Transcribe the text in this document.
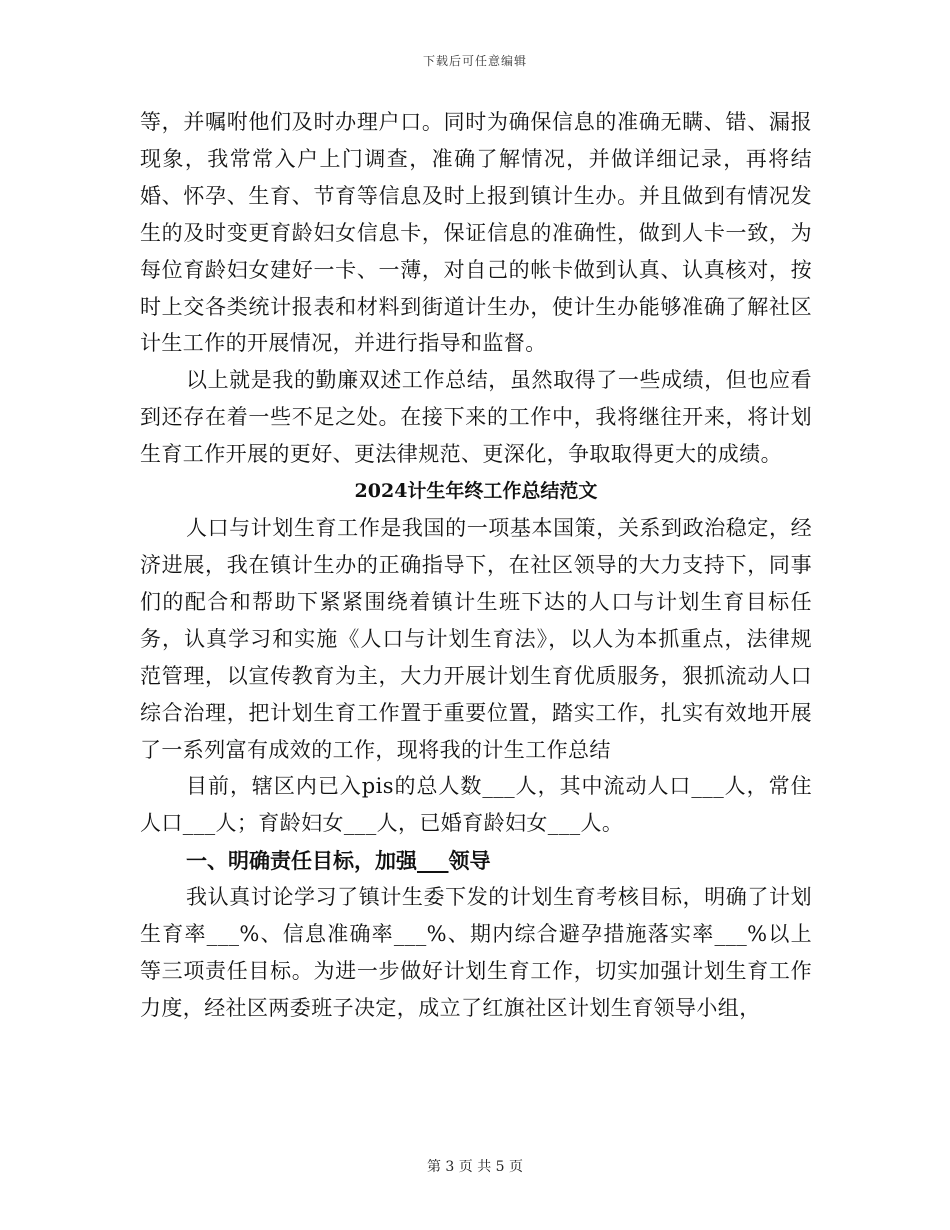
下载后可任意编辑

等，并嘱咐他们及时办理户口。同时为确保信息的准确无瞒、错、漏报现象，我常常入户上门调查，准确了解情况，并做详细记录，再将结婚、怀孕、生育、节育等信息及时上报到镇计生办。并且做到有情况发生的及时变更育龄妇女信息卡，保证信息的准确性，做到人卡一致，为每位育龄妇女建好一卡、一薄，对自己的帐卡做到认真、认真核对，按时上交各类统计报表和材料到街道计生办，使计生办能够准确了解社区计生工作的开展情况，并进行指导和监督。

以上就是我的勤廉双述工作总结，虽然取得了一些成绩，但也应看到还存在着一些不足之处。在接下来的工作中，我将继往开来，将计划生育工作开展的更好、更法律规范、更深化，争取取得更大的成绩。

2024计生年终工作总结范文

人口与计划生育工作是我国的一项基本国策，关系到政治稳定，经济进展，我在镇计生办的正确指导下，在社区领导的大力支持下，同事们的配合和帮助下紧紧围绕着镇计生班下达的人口与计划生育目标任务，认真学习和实施《人口与计划生育法》，以人为本抓重点，法律规范管理，以宣传教育为主，大力开展计划生育优质服务，狠抓流动人口综合治理，把计划生育工作置于重要位置，踏实工作，扎实有效地开展了一系列富有成效的工作，现将我的计生工作总结

目前，辖区内已入pis的总人数___人，其中流动人口___人，常住人口___人；育龄妇女___人，已婚育龄妇女___人。

一、明确责任目标，加强___领导

我认真讨论学习了镇计生委下发的计划生育考核目标，明确了计划生育率___%、信息准确率___%、期内综合避孕措施落实率___%以上等三项责任目标。为进一步做好计划生育工作，切实加强计划生育工作力度，经社区两委班子决定，成立了红旗社区计划生育领导小组，

第 3 页 共 5 页
